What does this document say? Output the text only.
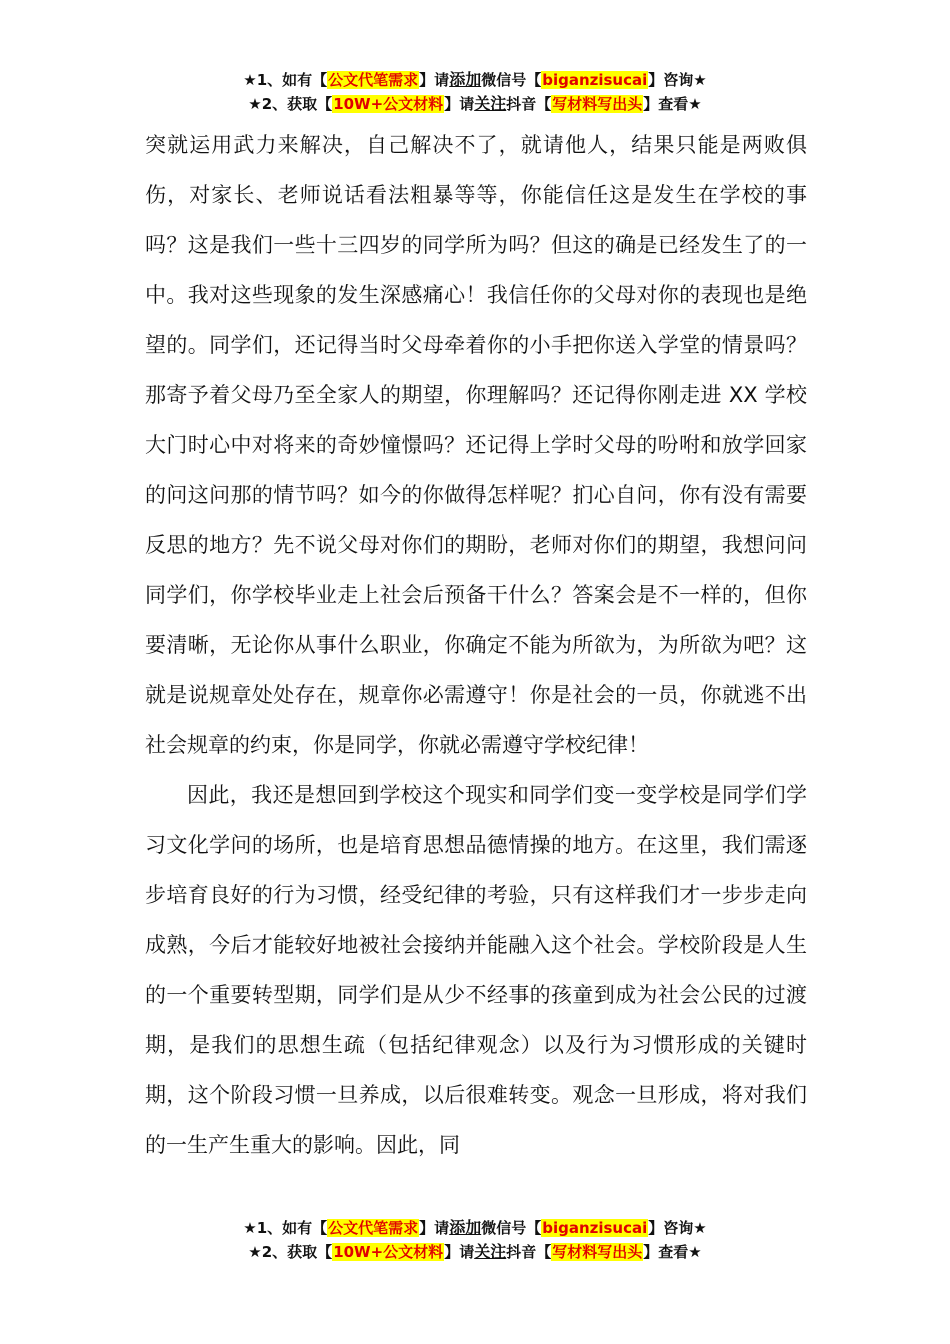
★1、如有【公文代笔需求】请添加微信号【biganzisucai】咨询★
★2、获取【10W+公文材料】请关注抖音【写材料写出头】查看★

突就运用武力来解决，自己解决不了，就请他人，结果只能是两败俱伤，对家长、老师说话看法粗暴等等，你能信任这是发生在学校的事吗？这是我们一些十三四岁的同学所为吗？但这的确是已经发生了的一中。我对这些现象的发生深感痛心！我信任你的父母对你的表现也是绝望的。同学们，还记得当时父母牵着你的小手把你送入学堂的情景吗？那寄予着父母乃至全家人的期望，你理解吗？还记得你刚走进 XX 学校大门时心中对将来的奇妙憧憬吗？还记得上学时父母的吩咐和放学回家的问这问那的情节吗？如今的你做得怎样呢？扪心自问，你有没有需要反思的地方？先不说父母对你们的期盼，老师对你们的期望，我想问问同学们，你学校毕业走上社会后预备干什么？答案会是不一样的，但你要清晰，无论你从事什么职业，你确定不能为所欲为，为所欲为吧？这就是说规章处处存在，规章你必需遵守！你是社会的一员，你就逃不出社会规章的约束，你是同学，你就必需遵守学校纪律！

因此，我还是想回到学校这个现实和同学们变一变学校是同学们学习文化学问的场所，也是培育思想品德情操的地方。在这里，我们需逐步培育良好的行为习惯，经受纪律的考验，只有这样我们才一步步走向成熟，今后才能较好地被社会接纳并能融入这个社会。学校阶段是人生的一个重要转型期，同学们是从少不经事的孩童到成为社会公民的过渡期，是我们的思想生疏（包括纪律观念）以及行为习惯形成的关键时期，这个阶段习惯一旦养成，以后很难转变。观念一旦形成，将对我们的一生产生重大的影响。因此，同

★1、如有【公文代笔需求】请添加微信号【biganzisucai】咨询★
★2、获取【10W+公文材料】请关注抖音【写材料写出头】查看★
